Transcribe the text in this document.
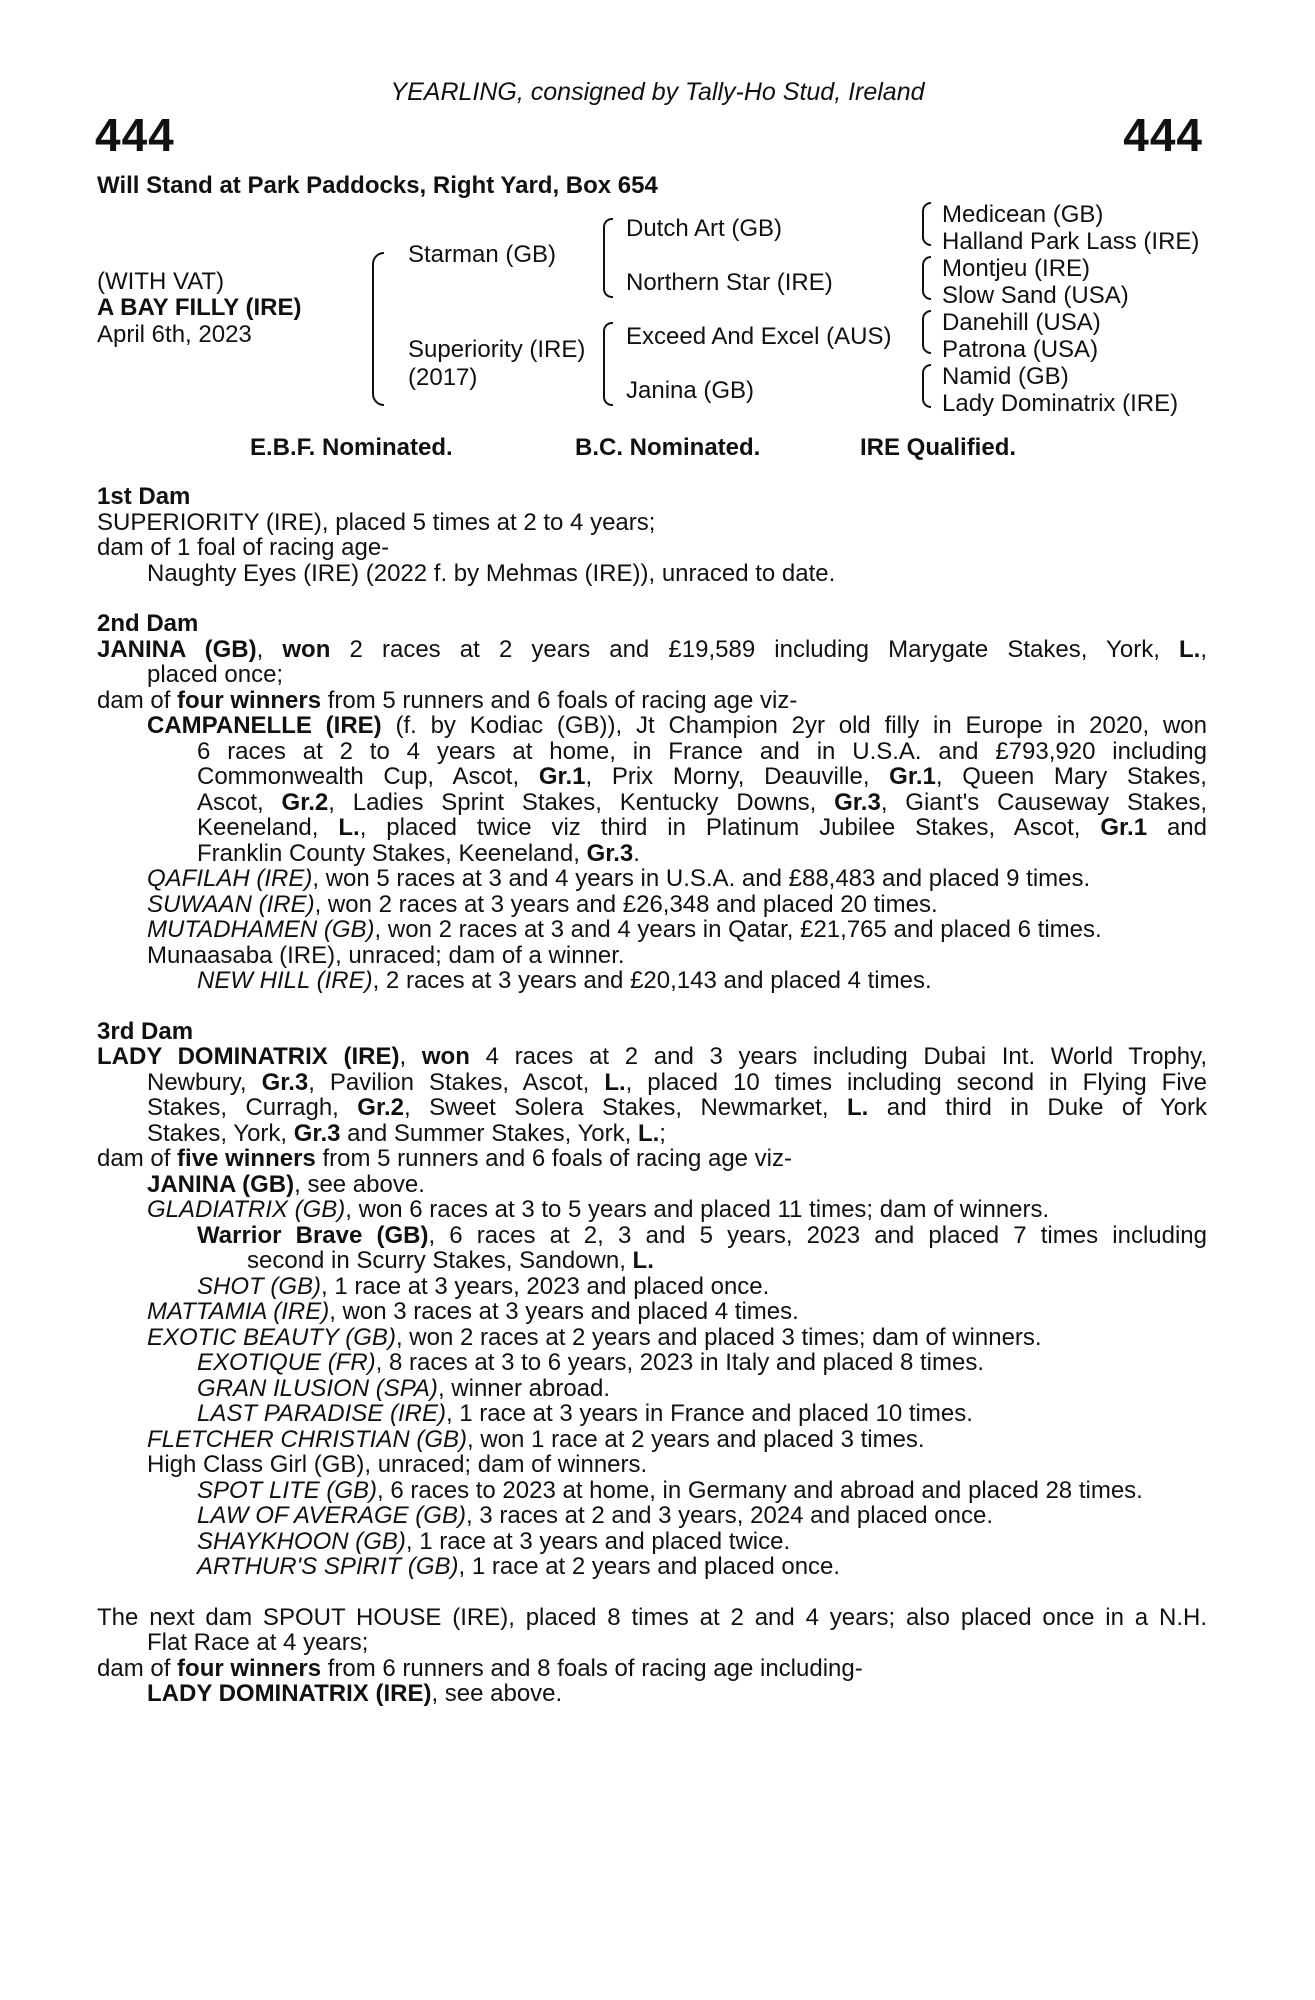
YEARLING, consigned by Tally-Ho Stud, Ireland
444	444
Will Stand at Park Paddocks, Right Yard, Box 654
(WITH VAT)
A BAY FILLY (IRE)
April 6th, 2023
Starman (GB)
Superiority (IRE)
(2017)
Dutch Art (GB)
Northern Star (IRE)
Exceed And Excel (AUS)
Janina (GB)
Medicean (GB)
Halland Park Lass (IRE)
Montjeu (IRE)
Slow Sand (USA)
Danehill (USA)
Patrona (USA)
Namid (GB)
Lady Dominatrix (IRE)
E.B.F. Nominated.	B.C. Nominated.	IRE Qualified.
1st Dam
SUPERIORITY (IRE), placed 5 times at 2 to 4 years;
dam of 1 foal of racing age-
Naughty Eyes (IRE) (2022 f. by Mehmas (IRE)), unraced to date.
2nd Dam
JANINA (GB), won 2 races at 2 years and £19,589 including Marygate Stakes, York, L.,
placed once;
dam of four winners from 5 runners and 6 foals of racing age viz-
CAMPANELLE (IRE) (f. by Kodiac (GB)), Jt Champion 2yr old filly in Europe in 2020, won
6 races at 2 to 4 years at home, in France and in U.S.A. and £793,920 including
Commonwealth Cup, Ascot, Gr.1, Prix Morny, Deauville, Gr.1, Queen Mary Stakes,
Ascot, Gr.2, Ladies Sprint Stakes, Kentucky Downs, Gr.3, Giant's Causeway Stakes,
Keeneland, L., placed twice viz third in Platinum Jubilee Stakes, Ascot, Gr.1 and
Franklin County Stakes, Keeneland, Gr.3.
QAFILAH (IRE), won 5 races at 3 and 4 years in U.S.A. and £88,483 and placed 9 times.
SUWAAN (IRE), won 2 races at 3 years and £26,348 and placed 20 times.
MUTADHAMEN (GB), won 2 races at 3 and 4 years in Qatar, £21,765 and placed 6 times.
Munaasaba (IRE), unraced; dam of a winner.
NEW HILL (IRE), 2 races at 3 years and £20,143 and placed 4 times.
3rd Dam
LADY DOMINATRIX (IRE), won 4 races at 2 and 3 years including Dubai Int. World Trophy,
Newbury, Gr.3, Pavilion Stakes, Ascot, L., placed 10 times including second in Flying Five
Stakes, Curragh, Gr.2, Sweet Solera Stakes, Newmarket, L. and third in Duke of York
Stakes, York, Gr.3 and Summer Stakes, York, L.;
dam of five winners from 5 runners and 6 foals of racing age viz-
JANINA (GB), see above.
GLADIATRIX (GB), won 6 races at 3 to 5 years and placed 11 times; dam of winners.
Warrior Brave (GB), 6 races at 2, 3 and 5 years, 2023 and placed 7 times including
second in Scurry Stakes, Sandown, L.
SHOT (GB), 1 race at 3 years, 2023 and placed once.
MATTAMIA (IRE), won 3 races at 3 years and placed 4 times.
EXOTIC BEAUTY (GB), won 2 races at 2 years and placed 3 times; dam of winners.
EXOTIQUE (FR), 8 races at 3 to 6 years, 2023 in Italy and placed 8 times.
GRAN ILUSION (SPA), winner abroad.
LAST PARADISE (IRE), 1 race at 3 years in France and placed 10 times.
FLETCHER CHRISTIAN (GB), won 1 race at 2 years and placed 3 times.
High Class Girl (GB), unraced; dam of winners.
SPOT LITE (GB), 6 races to 2023 at home, in Germany and abroad and placed 28 times.
LAW OF AVERAGE (GB), 3 races at 2 and 3 years, 2024 and placed once.
SHAYKHOON (GB), 1 race at 3 years and placed twice.
ARTHUR'S SPIRIT (GB), 1 race at 2 years and placed once.
The next dam SPOUT HOUSE (IRE), placed 8 times at 2 and 4 years; also placed once in a N.H.
Flat Race at 4 years;
dam of four winners from 6 runners and 8 foals of racing age including-
LADY DOMINATRIX (IRE), see above.
